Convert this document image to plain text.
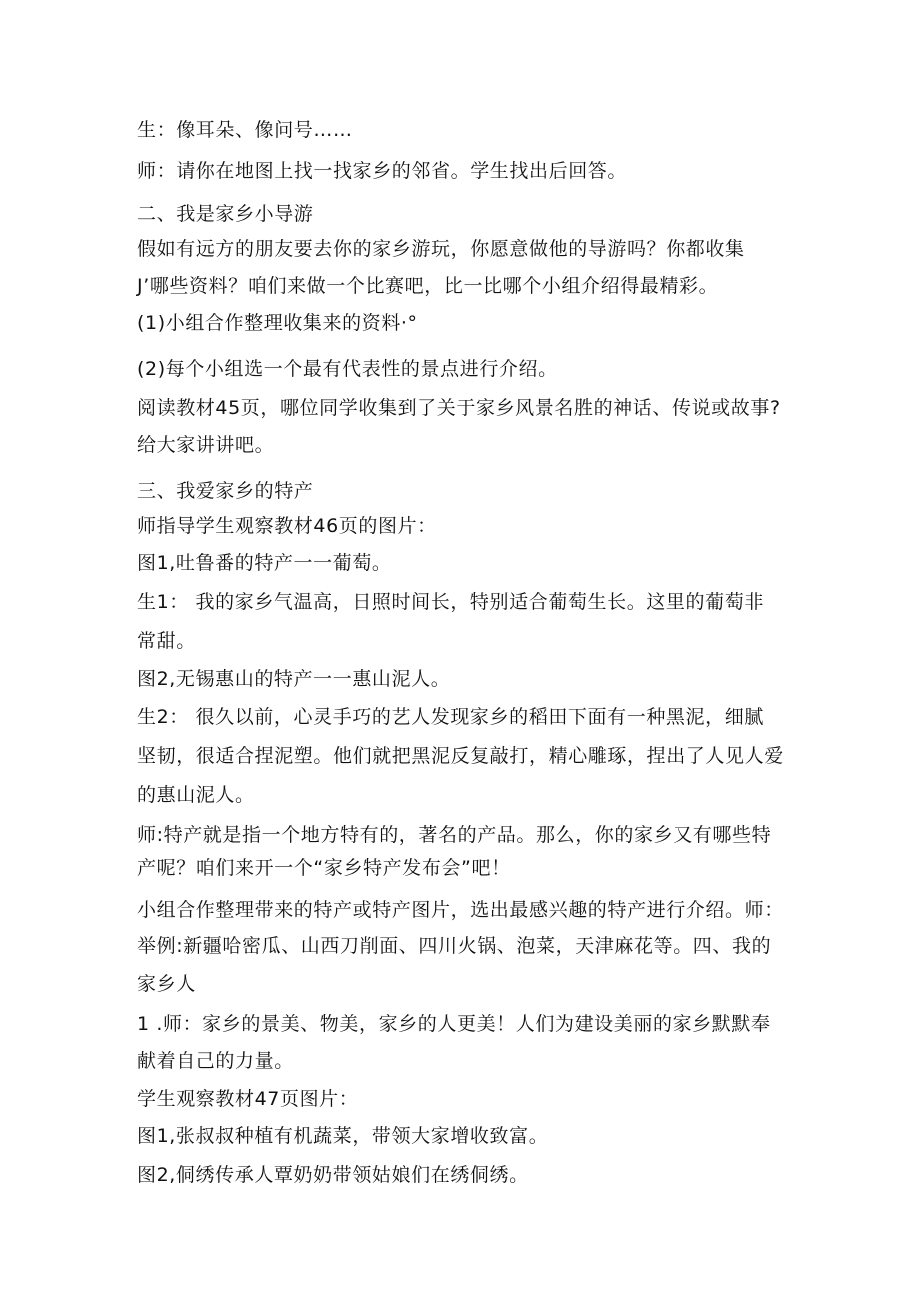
生：像耳朵、像问号……
师：请你在地图上找一找家乡的邻省。学生找出后回答。
二、我是家乡小导游
假如有远方的朋友要去你的家乡游玩，你愿意做他的导游吗？你都收集
J’哪些资料？咱们来做一个比赛吧，比一比哪个小组介绍得最精彩。
(1)小组合作整理收集来的资料·°
(2)每个小组选一个最有代表性的景点进行介绍。
阅读教材45页，哪位同学收集到了关于家乡风景名胜的神话、传说或故事?
给大家讲讲吧。
三、我爱家乡的特产
师指导学生观察教材46页的图片：
图1,吐鲁番的特产一一葡萄。
生1： 我的家乡气温高，日照时间长，特别适合葡萄生长。这里的葡萄非
常甜。
图2,无锡惠山的特产一一惠山泥人。
生2： 很久以前，心灵手巧的艺人发现家乡的稻田下面有一种黑泥，细腻
坚韧，很适合捏泥塑。他们就把黑泥反复敲打，精心雕琢，捏出了人见人爱
的惠山泥人。
师:特产就是指一个地方特有的，著名的产品。那么，你的家乡又有哪些特
产呢？咱们来开一个“家乡特产发布会”吧！
小组合作整理带来的特产或特产图片，选出最感兴趣的特产进行介绍。师：
举例:新疆哈密瓜、山西刀削面、四川火锅、泡菜，天津麻花等。四、我的
家乡人
1 .师：家乡的景美、物美，家乡的人更美！人们为建设美丽的家乡默默奉
献着自己的力量。
学生观察教材47页图片：
图1,张叔叔种植有机蔬菜，带领大家增收致富。
图2,侗绣传承人覃奶奶带领姑娘们在绣侗绣。
